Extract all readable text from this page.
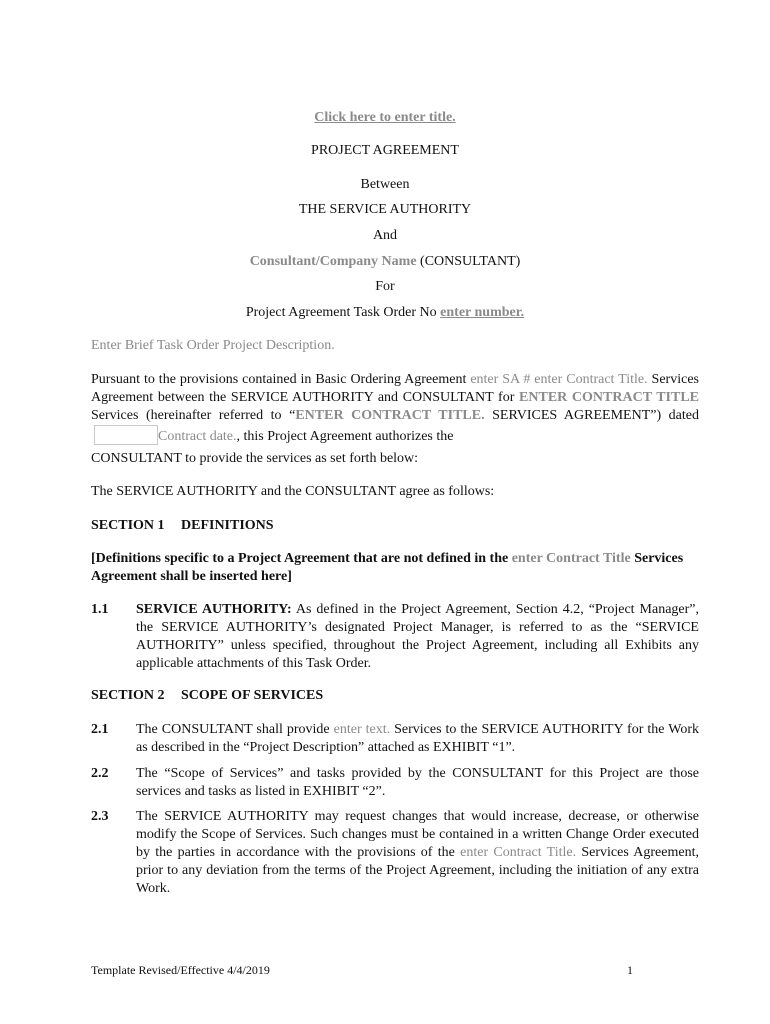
Click here to enter title.
PROJECT AGREEMENT
Between
THE SERVICE AUTHORITY
And
Consultant/Company Name (CONSULTANT)
For
Project Agreement Task Order No enter number.
Enter Brief Task Order Project Description.
Pursuant to the provisions contained in Basic Ordering Agreement enter SA # enter Contract Title. Services Agreement between the SERVICE AUTHORITY and CONSULTANT for ENTER CONTRACT TITLE Services (hereinafter referred to “ENTER CONTRACT TITLE. SERVICES AGREEMENT”) dated Contract date., this Project Agreement authorizes the
CONSULTANT to provide the services as set forth below:
The SERVICE AUTHORITY and the CONSULTANT agree as follows:
SECTION 1 DEFINITIONS
[Definitions specific to a Project Agreement that are not defined in the enter Contract Title Services Agreement shall be inserted here]
1.1 SERVICE AUTHORITY: As defined in the Project Agreement, Section 4.2, “Project Manager”, the SERVICE AUTHORITY’s designated Project Manager, is referred to as the “SERVICE AUTHORITY” unless specified, throughout the Project Agreement, including all Exhibits any applicable attachments of this Task Order.
SECTION 2 SCOPE OF SERVICES
2.1 The CONSULTANT shall provide enter text. Services to the SERVICE AUTHORITY for the Work as described in the “Project Description” attached as EXHIBIT “1”.
2.2 The “Scope of Services” and tasks provided by the CONSULTANT for this Project are those services and tasks as listed in EXHIBIT “2”.
2.3 The SERVICE AUTHORITY may request changes that would increase, decrease, or otherwise modify the Scope of Services. Such changes must be contained in a written Change Order executed by the parties in accordance with the provisions of the enter Contract Title. Services Agreement, prior to any deviation from the terms of the Project Agreement, including the initiation of any extra Work.
Template Revised/Effective 4/4/2019	1
